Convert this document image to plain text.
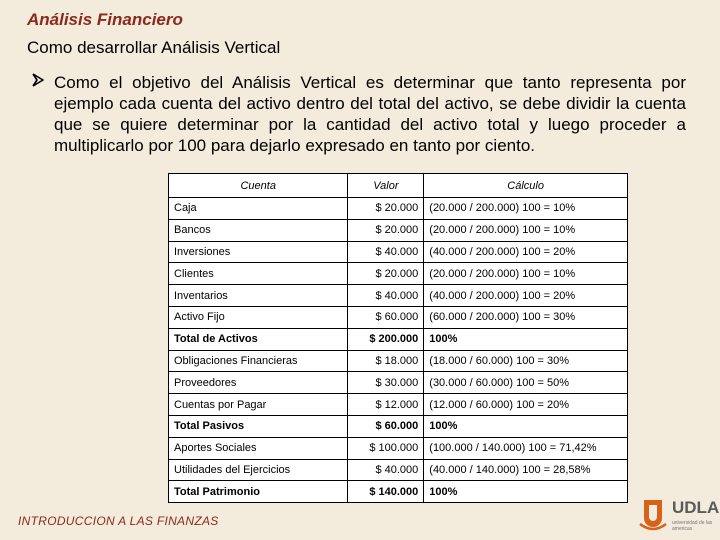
Análisis Financiero
Como desarrollar Análisis Vertical
Como el objetivo del Análisis Vertical es determinar que tanto representa por ejemplo cada cuenta del activo dentro del total del activo, se debe dividir la cuenta que se quiere determinar por la cantidad del activo total y luego proceder a multiplicarlo por 100 para dejarlo expresado en tanto por ciento.
Cuenta	Valor	Cálculo
Caja	$ 20.000	(20.000 / 200.000) 100 = 10%
Bancos	$ 20.000	(20.000 / 200.000) 100 = 10%
Inversiones	$ 40.000	(40.000 / 200.000) 100 = 20%
Clientes	$ 20.000	(20.000 / 200.000) 100 = 10%
Inventarios	$ 40.000	(40.000 / 200.000) 100 = 20%
Activo Fijo	$ 60.000	(60.000 / 200.000) 100 = 30%
Total de Activos	$ 200.000	100%
Obligaciones Financieras	$ 18.000	(18.000 / 60.000) 100 = 30%
Proveedores	$ 30.000	(30.000 / 60.000) 100 = 50%
Cuentas por Pagar	$ 12.000	(12.000 / 60.000) 100 = 20%
Total Pasivos	$ 60.000	100%
Aportes Sociales	$ 100.000	(100.000 / 140.000) 100 = 71,42%
Utilidades del Ejercicios	$ 40.000	(40.000 / 140.000) 100 = 28,58%
Total Patrimonio	$ 140.000	100%
INTRODUCCION A LAS FINANZAS
UDLA
universidad de las americas
